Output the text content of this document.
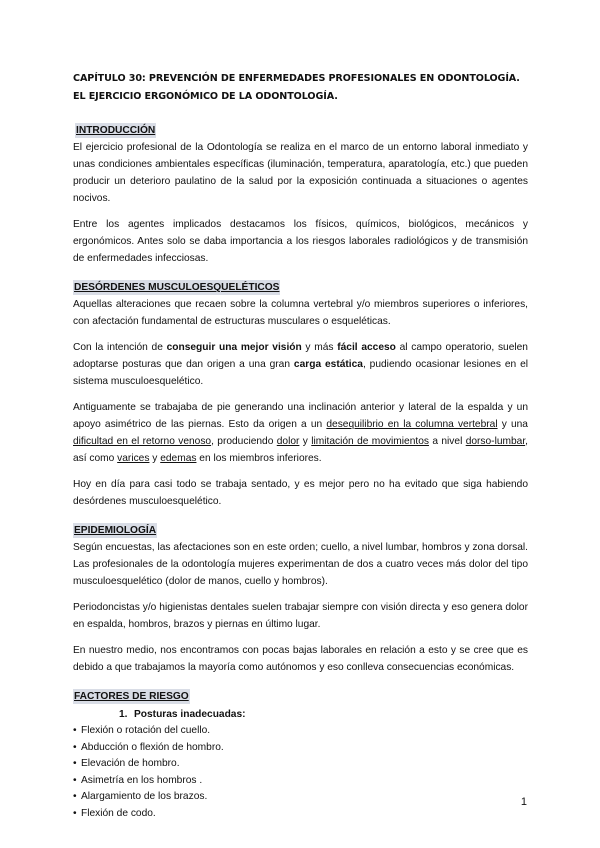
CAPÍTULO 30: PREVENCIÓN DE ENFERMEDADES PROFESIONALES EN ODONTOLOGÍA. EL EJERCICIO ERGONÓMICO DE LA ODONTOLOGÍA.
INTRODUCCIÓN

El ejercicio profesional de la Odontología se realiza en el marco de un entorno laboral inmediato y unas condiciones ambientales específicas (iluminación, temperatura, aparatología, etc.) que pueden producir un deterioro paulatino de la salud por la exposición continuada a situaciones o agentes nocivos.

Entre los agentes implicados destacamos los físicos, químicos, biológicos, mecánicos y ergonómicos. Antes solo se daba importancia a los riesgos laborales radiológicos y de transmisión de enfermedades infecciosas.

DESÓRDENES MUSCULOESQUELÉTICOS

Aquellas alteraciones que recaen sobre la columna vertebral y/o miembros superiores o inferiores, con afectación fundamental de estructuras musculares o esqueléticas.

Con la intención de conseguir una mejor visión y más fácil acceso al campo operatorio, suelen adoptarse posturas que dan origen a una gran carga estática, pudiendo ocasionar lesiones en el sistema musculoesquelético.

Antiguamente se trabajaba de pie generando una inclinación anterior y lateral de la espalda y un apoyo asimétrico de las piernas. Esto da origen a un desequilibrio en la columna vertebral y una dificultad en el retorno venoso, produciendo dolor y limitación de movimientos a nivel dorso-lumbar, así como varices y edemas en los miembros inferiores.

Hoy en día para casi todo se trabaja sentado, y es mejor pero no ha evitado que siga habiendo desórdenes musculoesquelético.

EPIDEMIOLOGÍA

Según encuestas, las afectaciones son en este orden; cuello, a nivel lumbar, hombros y zona dorsal. Las profesionales de la odontología mujeres experimentan de dos a cuatro veces más dolor del tipo musculoesquelético (dolor de manos, cuello y hombros).

Periodoncistas y/o higienistas dentales suelen trabajar siempre con visión directa y eso genera dolor en espalda, hombros, brazos y piernas en último lugar.

En nuestro medio, nos encontramos con pocas bajas laborales en relación a esto y se cree que es debido a que trabajamos la mayoría como autónomos y eso conlleva consecuencias económicas.

FACTORES DE RIESGO
1. Posturas inadecuadas:
• Flexión o rotación del cuello.
• Abducción o flexión de hombro.
• Elevación de hombro.
• Asimetría en los hombros .
• Alargamiento de los brazos.
• Flexión de codo.
1
